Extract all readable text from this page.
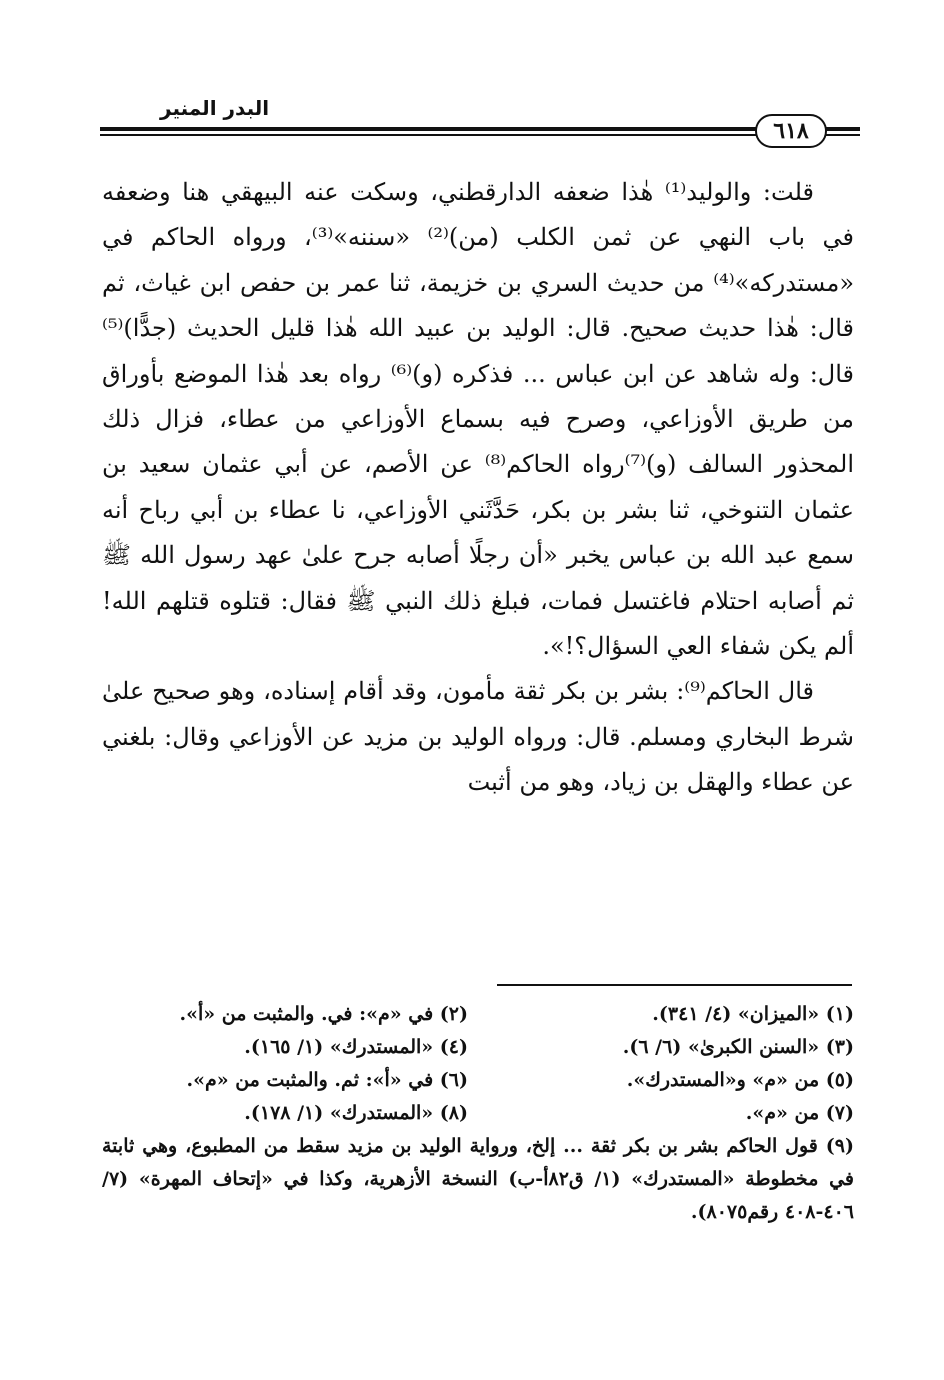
البدر المنير
٦١٨

قلت: والوليد⁽¹⁾ هٰذا ضعفه الدارقطني، وسكت عنه البيهقي هنا وضعفه في باب النهي عن ثمن الكلب (من)⁽²⁾ «سننه»⁽³⁾، ورواه الحاكم في «مستدركه»⁽⁴⁾ من حديث السري بن خزيمة، ثنا عمر بن حفص ابن غياث، ثم قال: هٰذا حديث صحيح. قال: الوليد بن عبيد الله هٰذا قليل الحديث (جدًّا)⁽⁵⁾ قال: وله شاهد عن ابن عباس ... فذكره (و)⁽⁶⁾ رواه بعد هٰذا الموضع بأوراق من طريق الأوزاعي، وصرح فيه بسماع الأوزاعي من عطاء، فزال ذلك المحذور السالف (و)⁽⁷⁾رواه الحاكم⁽⁸⁾ عن الأصم، عن أبي عثمان سعيد بن عثمان التنوخي، ثنا بشر بن بكر، حَدَّثَني الأوزاعي، نا عطاء بن أبي رباح أنه سمع عبد الله بن عباس يخبر «أن رجلًا أصابه جرح علىٰ عهد رسول الله ﷺ ثم أصابه احتلام فاغتسل فمات، فبلغ ذلك النبي ﷺ فقال: قتلوه قتلهم الله! ألم يكن شفاء العي السؤال؟!».

قال الحاكم⁽⁹⁾: بشر بن بكر ثقة مأمون، وقد أقام إسناده، وهو صحيح علىٰ شرط البخاري ومسلم. قال: ورواه الوليد بن مزيد عن الأوزاعي وقال: بلغني عن عطاء والهقل بن زياد، وهو من أثبت

(١) «الميزان» (٤/ ٣٤١).
(٢) في «م»: في. والمثبت من «أ».
(٣) «السنن الكبرىٰ» (٦/ ٦).
(٤) «المستدرك» (١/ ١٦٥).
(٥) من «م» و«المستدرك».
(٦) في «أ»: ثم. والمثبت من «م».
(٧) من «م».
(٨) «المستدرك» (١/ ١٧٨).
(٩) قول الحاكم بشر بن بكر ثقة ... إلخ، ورواية الوليد بن مزيد سقط من المطبوع، وهي ثابتة في مخطوطة «المستدرك» (١/ ق٨٢أ-ب) النسخة الأزهرية، وكذا في «إتحاف المهرة» (٧/ ٤٠٦-٤٠٨ رقم٨٠٧٥).
